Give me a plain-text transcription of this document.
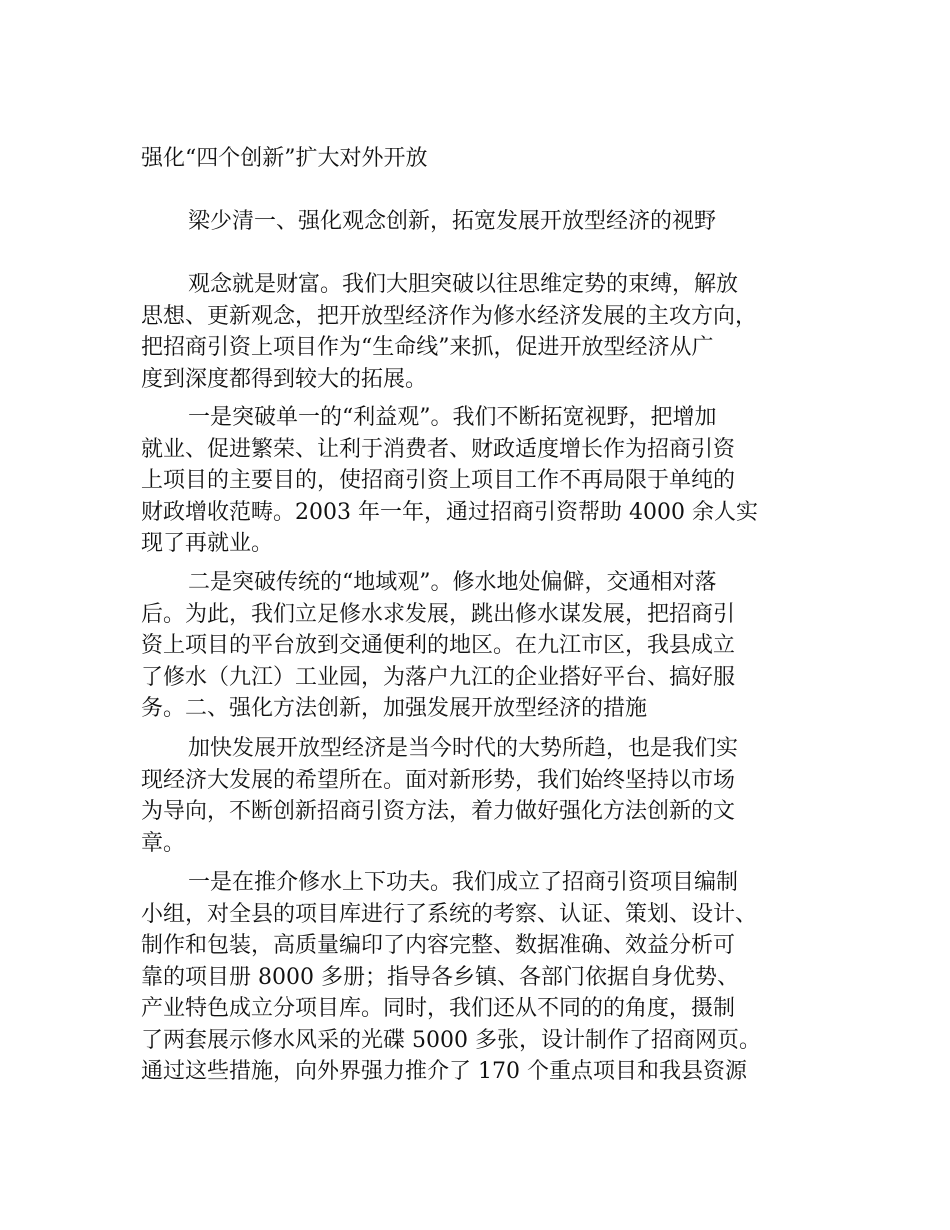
强化“四个创新”扩大对外开放

梁少清一、强化观念创新，拓宽发展开放型经济的视野

观念就是财富。我们大胆突破以往思维定势的束缚，解放
思想、更新观念，把开放型经济作为修水经济发展的主攻方向，
把招商引资上项目作为“生命线”来抓，促进开放型经济从广
度到深度都得到较大的拓展。

一是突破单一的“利益观”。我们不断拓宽视野，把增加
就业、促进繁荣、让利于消费者、财政适度增长作为招商引资
上项目的主要目的，使招商引资上项目工作不再局限于单纯的
财政增收范畴。2003 年一年，通过招商引资帮助 4000 余人实
现了再就业。

二是突破传统的“地域观”。修水地处偏僻，交通相对落
后。为此，我们立足修水求发展，跳出修水谋发展，把招商引
资上项目的平台放到交通便利的地区。在九江市区，我县成立
了修水（九江）工业园，为落户九江的企业搭好平台、搞好服
务。二、强化方法创新，加强发展开放型经济的措施

加快发展开放型经济是当今时代的大势所趋，也是我们实
现经济大发展的希望所在。面对新形势，我们始终坚持以市场
为导向，不断创新招商引资方法，着力做好强化方法创新的文
章。

一是在推介修水上下功夫。我们成立了招商引资项目编制
小组，对全县的项目库进行了系统的考察、认证、策划、设计、
制作和包装，高质量编印了内容完整、数据准确、效益分析可
靠的项目册 8000 多册；指导各乡镇、各部门依据自身优势、
产业特色成立分项目库。同时，我们还从不同的的角度，摄制
了两套展示修水风采的光碟 5000 多张，设计制作了招商网页。
通过这些措施，向外界强力推介了 170 个重点项目和我县资源
